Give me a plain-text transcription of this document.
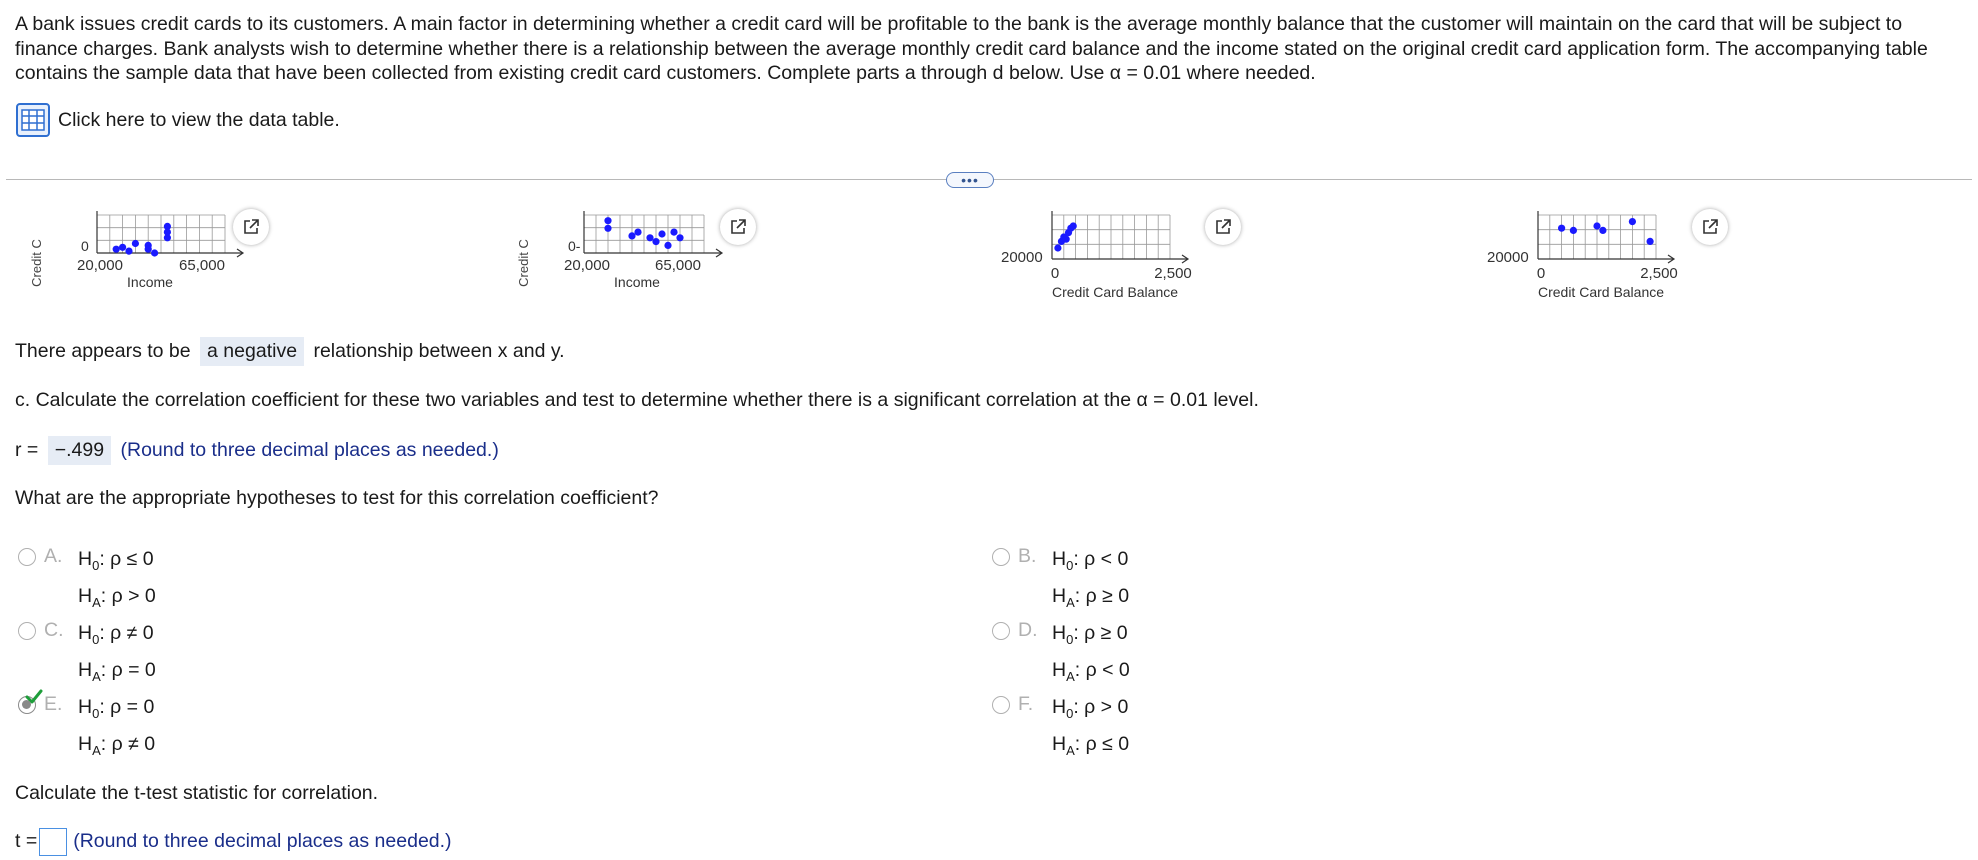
A bank issues credit cards to its customers. A main factor in determining whether a credit card will be profitable to the bank is the average monthly balance that the customer will maintain on the card that will be subject to finance charges. Bank analysts wish to determine whether there is a relationship between the average monthly credit card balance and the income stated on the original credit card application form. The accompanying table contains the sample data that have been collected from existing credit card customers. Complete parts a through d below. Use α = 0.01 where needed.
Click here to view the data table.
•••
Credit C	0
20,000	65,000
Income	Credit C	0-
20,000	65,000
Income
20000
0	2,500
Credit Card Balance
20000
0	2,500
Credit Card Balance
There appears to be a negative relationship between x and y.
c. Calculate the correlation coefficient for these two variables and test to determine whether there is a significant correlation at the α = 0.01 level.
r = −.499 (Round to three decimal places as needed.)
What are the appropriate hypotheses to test for this correlation coefficient?
A. $H_0$: ρ ≤ 0
$H_A$: ρ > 0
B. $H_0$: ρ < 0
$H_A$: ρ ≥ 0
C. $H_0$: ρ ≠ 0
$H_A$: ρ = 0
D. $H_0$: ρ ≥ 0
$H_A$: ρ < 0
E. $H_0$: ρ = 0
$H_A$: ρ ≠ 0
F. $H_0$: ρ > 0
$H_A$: ρ ≤ 0
Calculate the t-test statistic for correlation.
t = (Round to three decimal places as needed.)
